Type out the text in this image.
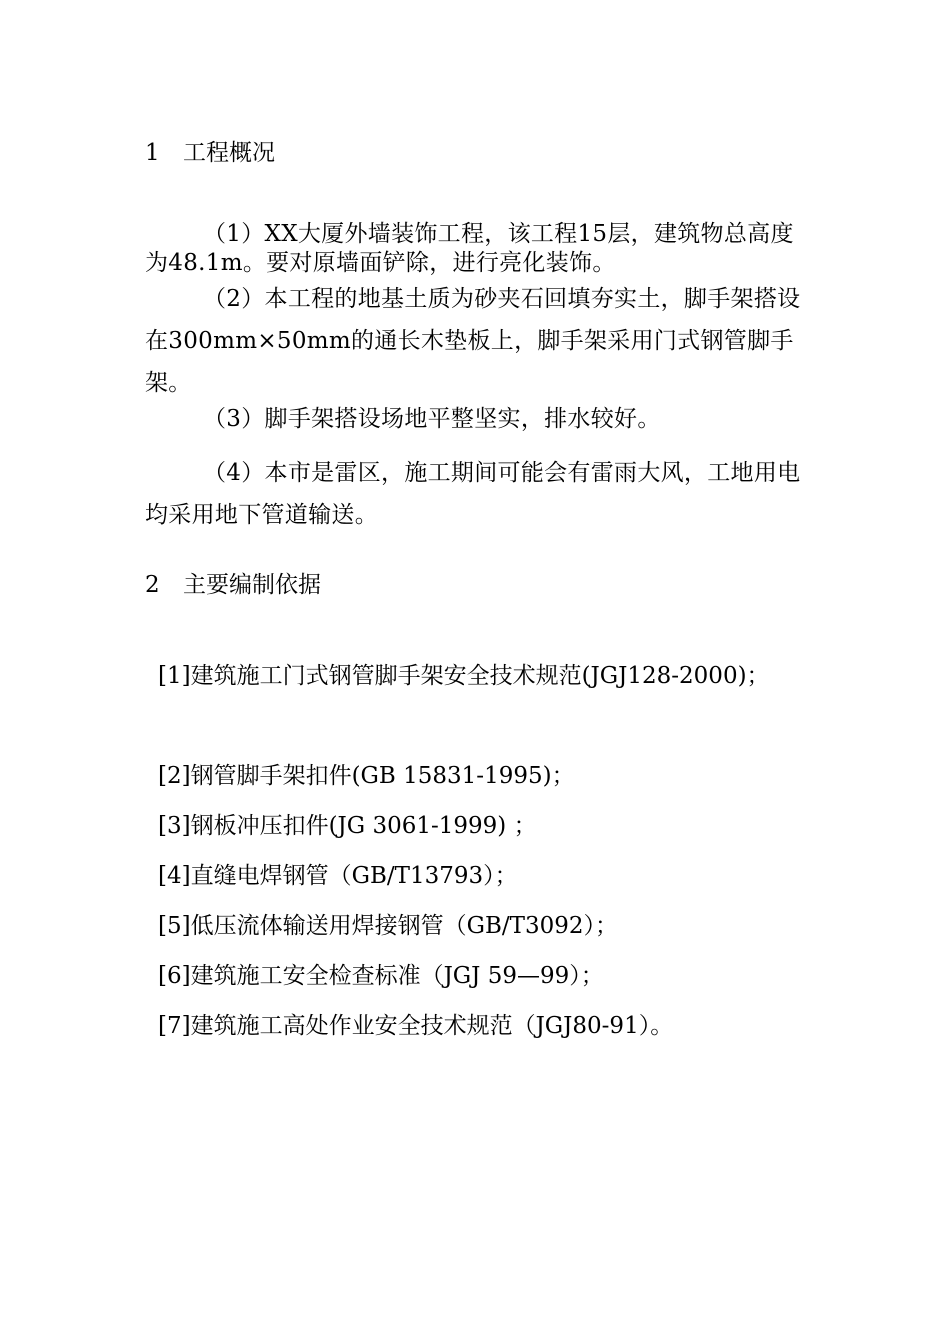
1 工程概况
（1）XX大厦外墙装饰工程，该工程15层，建筑物总高度为48.1m。要对原墙面铲除，进行亮化装饰。
（2）本工程的地基土质为砂夹石回填夯实土，脚手架搭设在300mm×50mm的通长木垫板上，脚手架采用门式钢管脚手架。
（3）脚手架搭设场地平整坚实，排水较好。
（4）本市是雷区，施工期间可能会有雷雨大风，工地用电均采用地下管道输送。
2 主要编制依据
[1]建筑施工门式钢管脚手架安全技术规范(JGJ128-2000)；
[2]钢管脚手架扣件(GB 15831-1995)；
[3]钢板冲压扣件(JG 3061-1999) ；
[4]直缝电焊钢管（GB/T13793）；
[5]低压流体输送用焊接钢管（GB/T3092）；
[6]建筑施工安全检查标准（JGJ 59—99）；
[7]建筑施工高处作业安全技术规范（JGJ80-91）。
